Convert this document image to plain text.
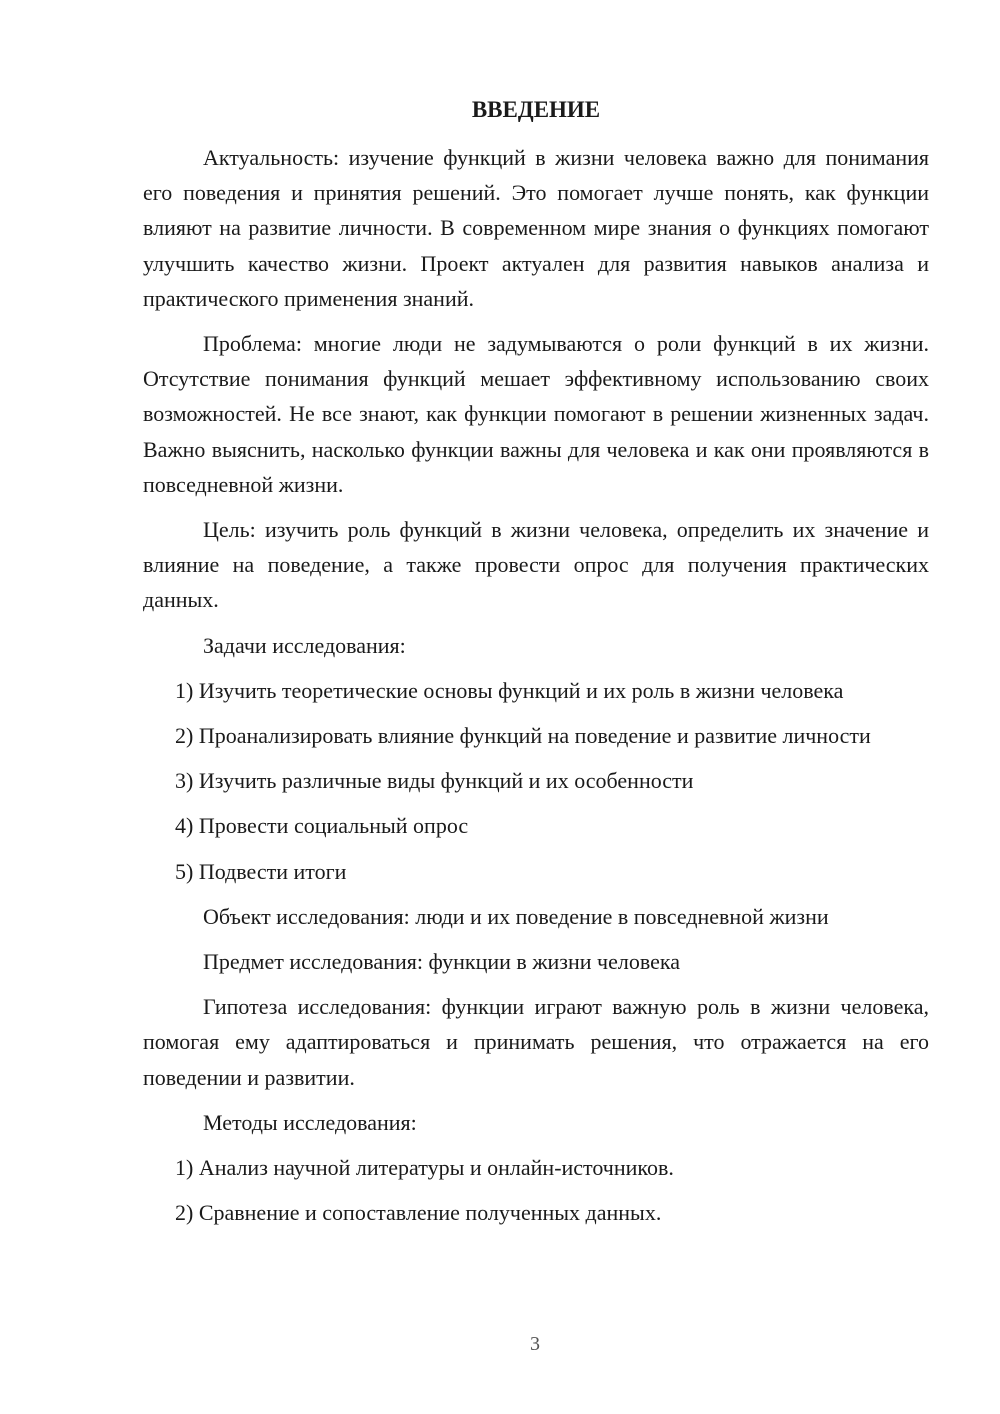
ВВЕДЕНИЕ

Актуальность: изучение функций в жизни человека важно для понимания его поведения и принятия решений. Это помогает лучше понять, как функции влияют на развитие личности. В современном мире знания о функциях помогают улучшить качество жизни. Проект актуален для развития навыков анализа и практического применения знаний.

Проблема: многие люди не задумываются о роли функций в их жизни. Отсутствие понимания функций мешает эффективному использованию своих возможностей. Не все знают, как функции помогают в решении жизненных задач. Важно выяснить, насколько функции важны для человека и как они проявляются в повседневной жизни.

Цель: изучить роль функций в жизни человека, определить их значение и влияние на поведение, а также провести опрос для получения практических данных.

Задачи исследования:

1) Изучить теоретические основы функций и их роль в жизни человека

2) Проанализировать влияние функций на поведение и развитие личности

3) Изучить различные виды функций и их особенности

4) Провести социальный опрос

5) Подвести итоги

Объект исследования: люди и их поведение в повседневной жизни

Предмет исследования: функции в жизни человека

Гипотеза исследования: функции играют важную роль в жизни человека, помогая ему адаптироваться и принимать решения, что отражается на его поведении и развитии.

Методы исследования:

1) Анализ научной литературы и онлайн-источников.

2) Сравнение и сопоставление полученных данных.

3
